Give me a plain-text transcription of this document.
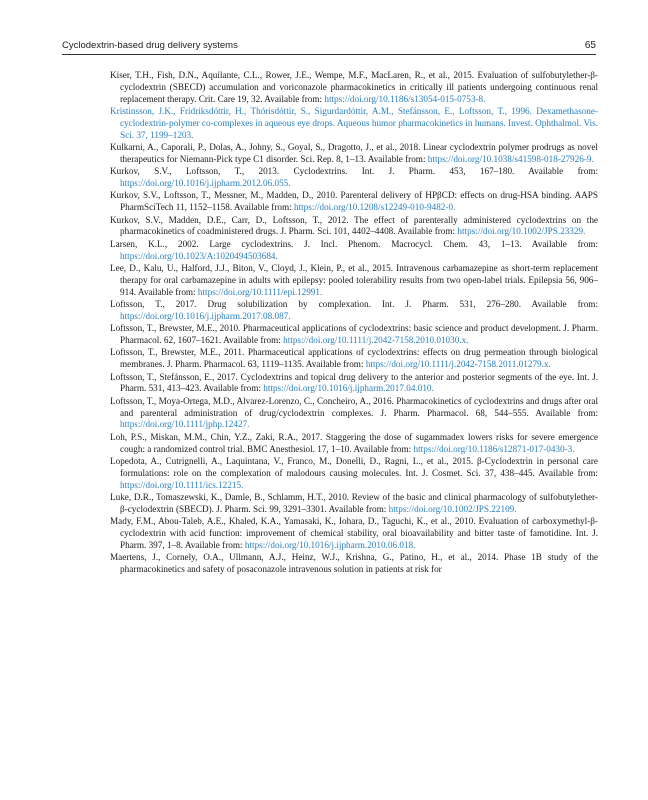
Cyclodextrin-based drug delivery systems	65

Kiser, T.H., Fish, D.N., Aquilante, C.L., Rower, J.E., Wempe, M.F., MacLaren, R., et al., 2015. Evaluation of sulfobutylether-β-cyclodextrin (SBECD) accumulation and voriconazole pharmacokinetics in critically ill patients undergoing continuous renal replacement therapy. Crit. Care 19, 32. Available from: https://doi.org/10.1186/s13054-015-0753-8.

Kristinsson, J.K., Fridriksdóttir, H., Thórisdóttir, S., Sigurdardóttir, A.M., Stefánsson, E., Loftsson, T., 1996. Dexamethasone-cyclodextrin-polymer co-complexes in aqueous eye drops. Aqueous humor pharmacokinetics in humans. Invest. Ophthalmol. Vis. Sci. 37, 1199–1203.

Kulkarni, A., Caporali, P., Dolas, A., Johny, S., Goyal, S., Dragotto, J., et al., 2018. Linear cyclodextrin polymer prodrugs as novel therapeutics for Niemann-Pick type C1 disorder. Sci. Rep. 8, 1–13. Available from: https://doi.org/10.1038/s41598-018-27926-9.

Kurkov, S.V., Loftsson, T., 2013. Cyclodextrins. Int. J. Pharm. 453, 167–180. Available from: https://doi.org/10.1016/j.ijpharm.2012.06.055.

Kurkov, S.V., Loftsson, T., Messner, M., Madden, D., 2010. Parenteral delivery of HPβCD: effects on drug-HSA binding. AAPS PharmSciTech 11, 1152–1158. Available from: https://doi.org/10.1208/s12249-010-9482-0.

Kurkov, S.V., Madden, D.E., Carr, D., Loftsson, T., 2012. The effect of parenterally administered cyclodextrins on the pharmacokinetics of coadministered drugs. J. Pharm. Sci. 101, 4402–4408. Available from: https://doi.org/10.1002/JPS.23329.

Larsen, K.L., 2002. Large cyclodextrins. J. Incl. Phenom. Macrocycl. Chem. 43, 1–13. Available from: https://doi.org/10.1023/A:1020494503684.

Lee, D., Kalu, U., Halford, J.J., Biton, V., Cloyd, J., Klein, P., et al., 2015. Intravenous carbamazepine as short-term replacement therapy for oral carbamazepine in adults with epilepsy: pooled tolerability results from two open-label trials. Epilepsia 56, 906–914. Available from: https://doi.org/10.1111/epi.12991.

Loftsson, T., 2017. Drug solubilization by complexation. Int. J. Pharm. 531, 276–280. Available from: https://doi.org/10.1016/j.ijpharm.2017.08.087.

Loftsson, T., Brewster, M.E., 2010. Pharmaceutical applications of cyclodextrins: basic science and product development. J. Pharm. Pharmacol. 62, 1607–1621. Available from: https://doi.org/10.1111/j.2042-7158.2010.01030.x.

Loftsson, T., Brewster, M.E., 2011. Pharmaceutical applications of cyclodextrins: effects on drug permeation through biological membranes. J. Pharm. Pharmacol. 63, 1119–1135. Available from: https://doi.org/10.1111/j.2042-7158.2011.01279.x.

Loftsson, T., Stefánsson, E., 2017. Cyclodextrins and topical drug delivery to the anterior and posterior segments of the eye. Int. J. Pharm. 531, 413–423. Available from: https://doi.org/10.1016/j.ijpharm.2017.04.010.

Loftsson, T., Moya-Ortega, M.D., Alvarez-Lorenzo, C., Concheiro, A., 2016. Pharmacokinetics of cyclodextrins and drugs after oral and parenteral administration of drug/cyclodextrin complexes. J. Pharm. Pharmacol. 68, 544–555. Available from: https://doi.org/10.1111/jphp.12427.

Loh, P.S., Miskan, M.M., Chin, Y.Z., Zaki, R.A., 2017. Staggering the dose of sugammadex lowers risks for severe emergence cough: a randomized control trial. BMC Anesthesiol. 17, 1–10. Available from: https://doi.org/10.1186/s12871-017-0430-3.

Lopedota, A., Cutrignelli, A., Laquintana, V., Franco, M., Donelli, D., Ragni, L., et al., 2015. β-Cyclodextrin in personal care formulations: role on the complexation of malodours causing molecules. Int. J. Cosmet. Sci. 37, 438–445. Available from: https://doi.org/10.1111/ics.12215.

Luke, D.R., Tomaszewski, K., Damle, B., Schlamm, H.T., 2010. Review of the basic and clinical pharmacology of sulfobutylether-β-cyclodextrin (SBECD). J. Pharm. Sci. 99, 3291–3301. Available from: https://doi.org/10.1002/JPS.22109.

Mady, F.M., Abou-Taleb, A.E., Khaled, K.A., Yamasaki, K., Iohara, D., Taguchi, K., et al., 2010. Evaluation of carboxymethyl-β-cyclodextrin with acid function: improvement of chemical stability, oral bioavailability and bitter taste of famotidine. Int. J. Pharm. 397, 1–8. Available from: https://doi.org/10.1016/j.ijpharm.2010.06.018.

Maertens, J., Cornely, O.A., Ullmann, A.J., Heinz, W.J., Krishna, G., Patino, H., et al., 2014. Phase 1B study of the pharmacokinetics and safety of posaconazole intravenous solution in patients at risk for
